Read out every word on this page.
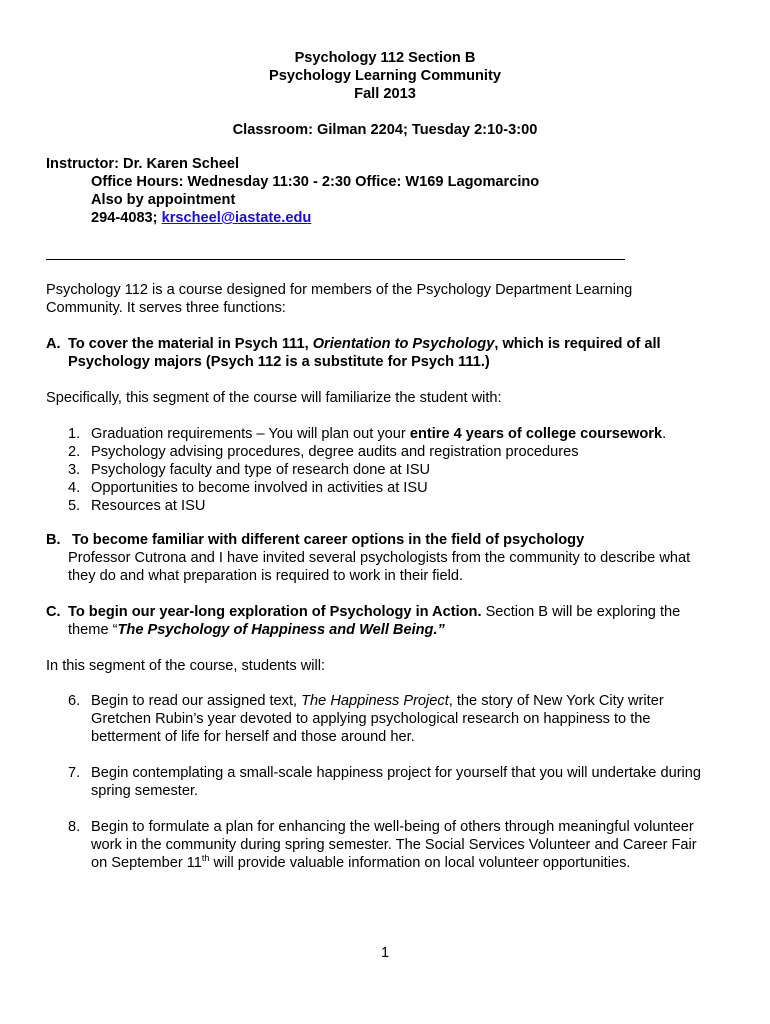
Psychology 112 Section B
Psychology Learning Community
Fall 2013
Classroom: Gilman 2204; Tuesday 2:10-3:00
Instructor: Dr. Karen Scheel
Office Hours: Wednesday 11:30 - 2:30 Office: W169 Lagomarcino
Also by appointment
294-4083; krscheel@iastate.edu
Psychology 112 is a course designed for members of the Psychology Department Learning
Community. It serves three functions:
A. To cover the material in Psych 111, Orientation to Psychology, which is required of all
Psychology majors (Psych 112 is a substitute for Psych 111.)
Specifically, this segment of the course will familiarize the student with:
1. Graduation requirements – You will plan out your entire 4 years of college coursework.
2. Psychology advising procedures, degree audits and registration procedures
3. Psychology faculty and type of research done at ISU
4. Opportunities to become involved in activities at ISU
5. Resources at ISU
B. To become familiar with different career options in the field of psychology
Professor Cutrona and I have invited several psychologists from the community to describe what
they do and what preparation is required to work in their field.
C. To begin our year-long exploration of Psychology in Action. Section B will be exploring the
theme “The Psychology of Happiness and Well Being.”
In this segment of the course, students will:
6. Begin to read our assigned text, The Happiness Project, the story of New York City writer
Gretchen Rubin’s year devoted to applying psychological research on happiness to the
betterment of life for herself and those around her.
7. Begin contemplating a small-scale happiness project for yourself that you will undertake during
spring semester.
8. Begin to formulate a plan for enhancing the well-being of others through meaningful volunteer
work in the community during spring semester. The Social Services Volunteer and Career Fair
on September 11th will provide valuable information on local volunteer opportunities.
1
